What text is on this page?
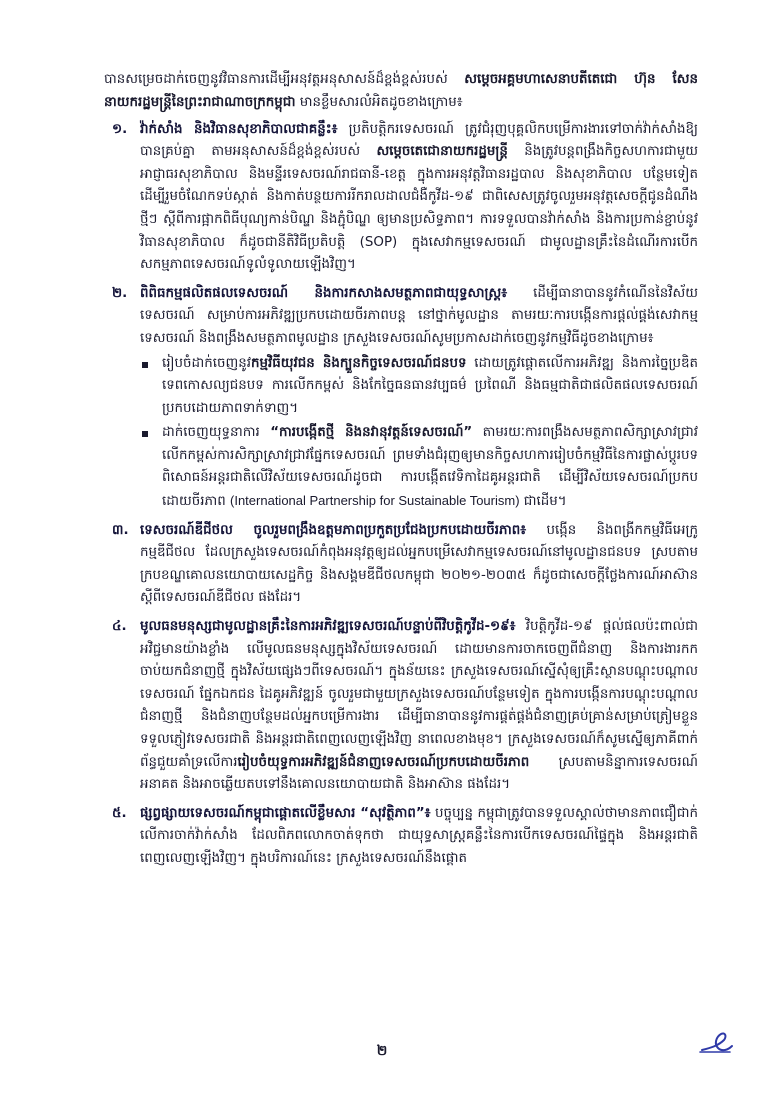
បានសម្រេចដាក់ចេញនូវវិធានការដើម្បីអនុវត្តអនុសាសន៍ដ៏ខ្ពង់ខ្ពស់របស់ សម្ដេចអគ្គមហាសេនាបតីតេជោ ហ៊ុន សែន នាយករដ្ឋមន្ត្រីនៃព្រះរាជាណាចក្រកម្ពុជា មានខ្លឹមសារលំអិតដូចខាងក្រោម៖

១. វ៉ាក់សាំង និងវិធានសុខាភិបាលជាគន្លឹះ៖ ប្រតិបត្តិករទេសចរណ៍ ត្រូវជំរុញបុគ្គលិកបម្រើការងារទៅចាក់វ៉ាក់សាំងឱ្យបានគ្រប់គ្នា តាមអនុសាសន៍ដ៏ខ្ពង់ខ្ពស់របស់ សម្ដេចតេជោនាយករដ្ឋមន្ត្រី និងត្រូវបន្តពង្រឹងកិច្ចសហការជាមួយអាជ្ញាធរសុខាភិបាល និងមន្ទីរទេសចរណ៍រាជធានី-ខេត្ត ក្នុងការអនុវត្តវិធានរដ្ឋបាល និងសុខាភិបាល បន្ថែមទៀត ដើម្បីរួមចំណែកទប់ស្កាត់ និងកាត់បន្ថយការរីករាលដាលជំងឺកូវីដ-១៩ ជាពិសេសត្រូវចូលរួមអនុវត្តសេចក្ដីជូនដំណឹងថ្មីៗ ស្ដីពីការផ្អាកពិធីបុណ្យកាន់បិណ្ឌ និងភ្ជុំបិណ្ឌ ឲ្យមានប្រសិទ្ធភាព។ ការទទួលបានវ៉ាក់សាំង និងការប្រកាន់ខ្ជាប់នូវវិធានសុខាភិបាល ក៏ដូចជានីតិវិធីប្រតិបត្តិ (SOP) ក្នុងសេវាកម្មទេសចរណ៍ ជាមូលដ្ឋានគ្រឹះនៃដំណើរការបើកសកម្មភាពទេសចរណ៍ទូលំទូលាយឡើងវិញ។
២. ពិពិធកម្មផលិតផលទេសចរណ៍ និងការកសាងសមត្ថភាពជាយុទ្ធសាស្ត្រ៖ ដើម្បីធានាបាននូវកំណើននៃវិស័យទេសចរណ៍ សម្រាប់ការអភិវឌ្ឍប្រកបដោយចីរភាពបន្ត នៅថ្នាក់មូលដ្ឋាន តាមរយៈការបង្កើនការផ្ដល់ផ្គង់សេវាកម្មទេសចរណ៍ និងពង្រឹងសមត្ថភាពមូលដ្ឋាន ក្រសួងទេសចរណ៍សូមប្រកាសដាក់ចេញនូវកម្មវិធីដូចខាងក្រោម៖
រៀបចំដាក់ចេញនូវកម្មវិធីយុវជន និងក្បួនកិច្ចទេសចរណ៍ជនបទ ដោយត្រូវផ្ដោតលើការអភិវឌ្ឍ និងការច្នៃប្រឌិតទេពកោសល្យជនបទ ការលើកកម្ពស់ និងកែច្នៃធនធានវប្បធម៌ ប្រពៃណី និងធម្មជាតិជាផលិតផលទេសចរណ៍ប្រកបដោយភាពទាក់ទាញ។
ដាក់ចេញយុទ្ធនាការ “ការបង្កើតថ្មី និងនវានុវត្តន៍ទេសចរណ៍” តាមរយៈការពង្រឹងសមត្ថភាពសិក្សាស្រាវជ្រាវ លើកកម្ពស់ការសិក្សាស្រាវជ្រាវផ្នែកទេសចរណ៍ ព្រមទាំងជំរុញឲ្យមានកិច្ចសហការរៀបចំកម្មវិធីនៃការផ្លាស់ប្ដូរបទពិសោធន៍អន្តរជាតិលើវិស័យទេសចរណ៍ដូចជា ការបង្កើតវេទិកាដៃគូអន្តរជាតិ ដើម្បីវិស័យទេសចរណ៍ប្រកបដោយចីរភាព (International Partnership for Sustainable Tourism) ជាដើម។
៣. ទេសចរណ៍ឌីជីថល ចូលរួមពង្រឹងឧត្ដមភាពប្រកួតប្រជែងប្រកបដោយចីរភាព៖ បង្កើន និងពង្រីកកម្មវិធីអេក្រូកម្មឌីជីថល ដែលក្រសួងទេសចរណ៍កំពុងអនុវត្តឲ្យដល់អ្នកបម្រើសេវាកម្មទេសចរណ៍នៅមូលដ្ឋានជនបទ ស្របតាមក្របខណ្ឌគោលនយោបាយសេដ្ឋកិច្ច និងសង្គមឌីជីថលកម្ពុជា ២០២១-២០៣៥ ក៏ដូចជាសេចក្ដីថ្លែងការណ៍អាស៊ាន ស្ដីពីទេសចរណ៍ឌីជីថល ផងដែរ។
៤. មូលធនមនុស្សជាមូលដ្ឋានគ្រឹះនៃការអភិវឌ្ឍទេសចរណ៍បន្ទាប់ពីវិបត្តិកូវីដ-១៩៖ វិបត្តិកូវីដ-១៩ ផ្ដល់ផលប៉ះពាល់ជាអវិជ្ជមានយ៉ាងខ្លាំង លើមូលធនមនុស្សក្នុងវិស័យទេសចរណ៍ ដោយមានការចាកចេញពីជំនាញ និងការងារកកចាប់យកជំនាញថ្មី ក្នុងវិស័យផ្សេងៗពីទេសចរណ៍។ ក្នុងន័យនេះ ក្រសួងទេសចរណ៍ស្នើសុំឲ្យគ្រឹះស្ថានបណ្ដុះបណ្ដាលទេសចរណ៍ ផ្នែកឯកជន ដៃគូអភិវឌ្ឍន៍ ចូលរួមជាមួយក្រសួងទេសចរណ៍បន្ថែមទៀត ក្នុងការបង្កើនការបណ្ដុះបណ្ដាលជំនាញថ្មី និងជំនាញបន្ថែមដល់អ្នកបម្រើការងារ ដើម្បីធានាបាននូវការផ្គត់ផ្គង់ជំនាញគ្រប់គ្រាន់សម្រាប់ត្រៀមខ្លួនទទួលភ្ញៀវទេសចរជាតិ និងអន្តរជាតិពេញលេញឡើងវិញ នាពេលខាងមុខ។ ក្រសួងទេសចរណ៍ក៏សូមស្នើឲ្យភាគីពាក់ព័ន្ធជួយគាំទ្រលើការរៀបចំយុទ្ធការអភិវឌ្ឍន៍ជំនាញទេសចរណ៍ប្រកបដោយចីរភាព ស្របតាមនិន្នាការទេសចរណ៍អនាគត និងអាចឆ្លើយតបទៅនឹងគោលនយោបាយជាតិ និងអាស៊ាន ផងដែរ។
៥. ផ្សព្វផ្សាយទេសចរណ៍កម្ពុជាផ្ដោតលើខ្លឹមសារ “សុវត្ថិភាព”៖ បច្ចុប្បន្ន កម្ពុជាត្រូវបានទទួលស្គាល់ថាមានភាពជឿជាក់លើការចាក់វ៉ាក់សាំង ដែលពិភពលោកចាត់ទុកថា ជាយុទ្ធសាស្ត្រគន្លឹះនៃការបើកទេសចរណ៍ផ្ទៃក្នុង និងអន្តរជាតិពេញលេញឡើងវិញ។ ក្នុងបរិការណ៍នេះ ក្រសួងទេសចរណ៍នឹងផ្ដោត
២
